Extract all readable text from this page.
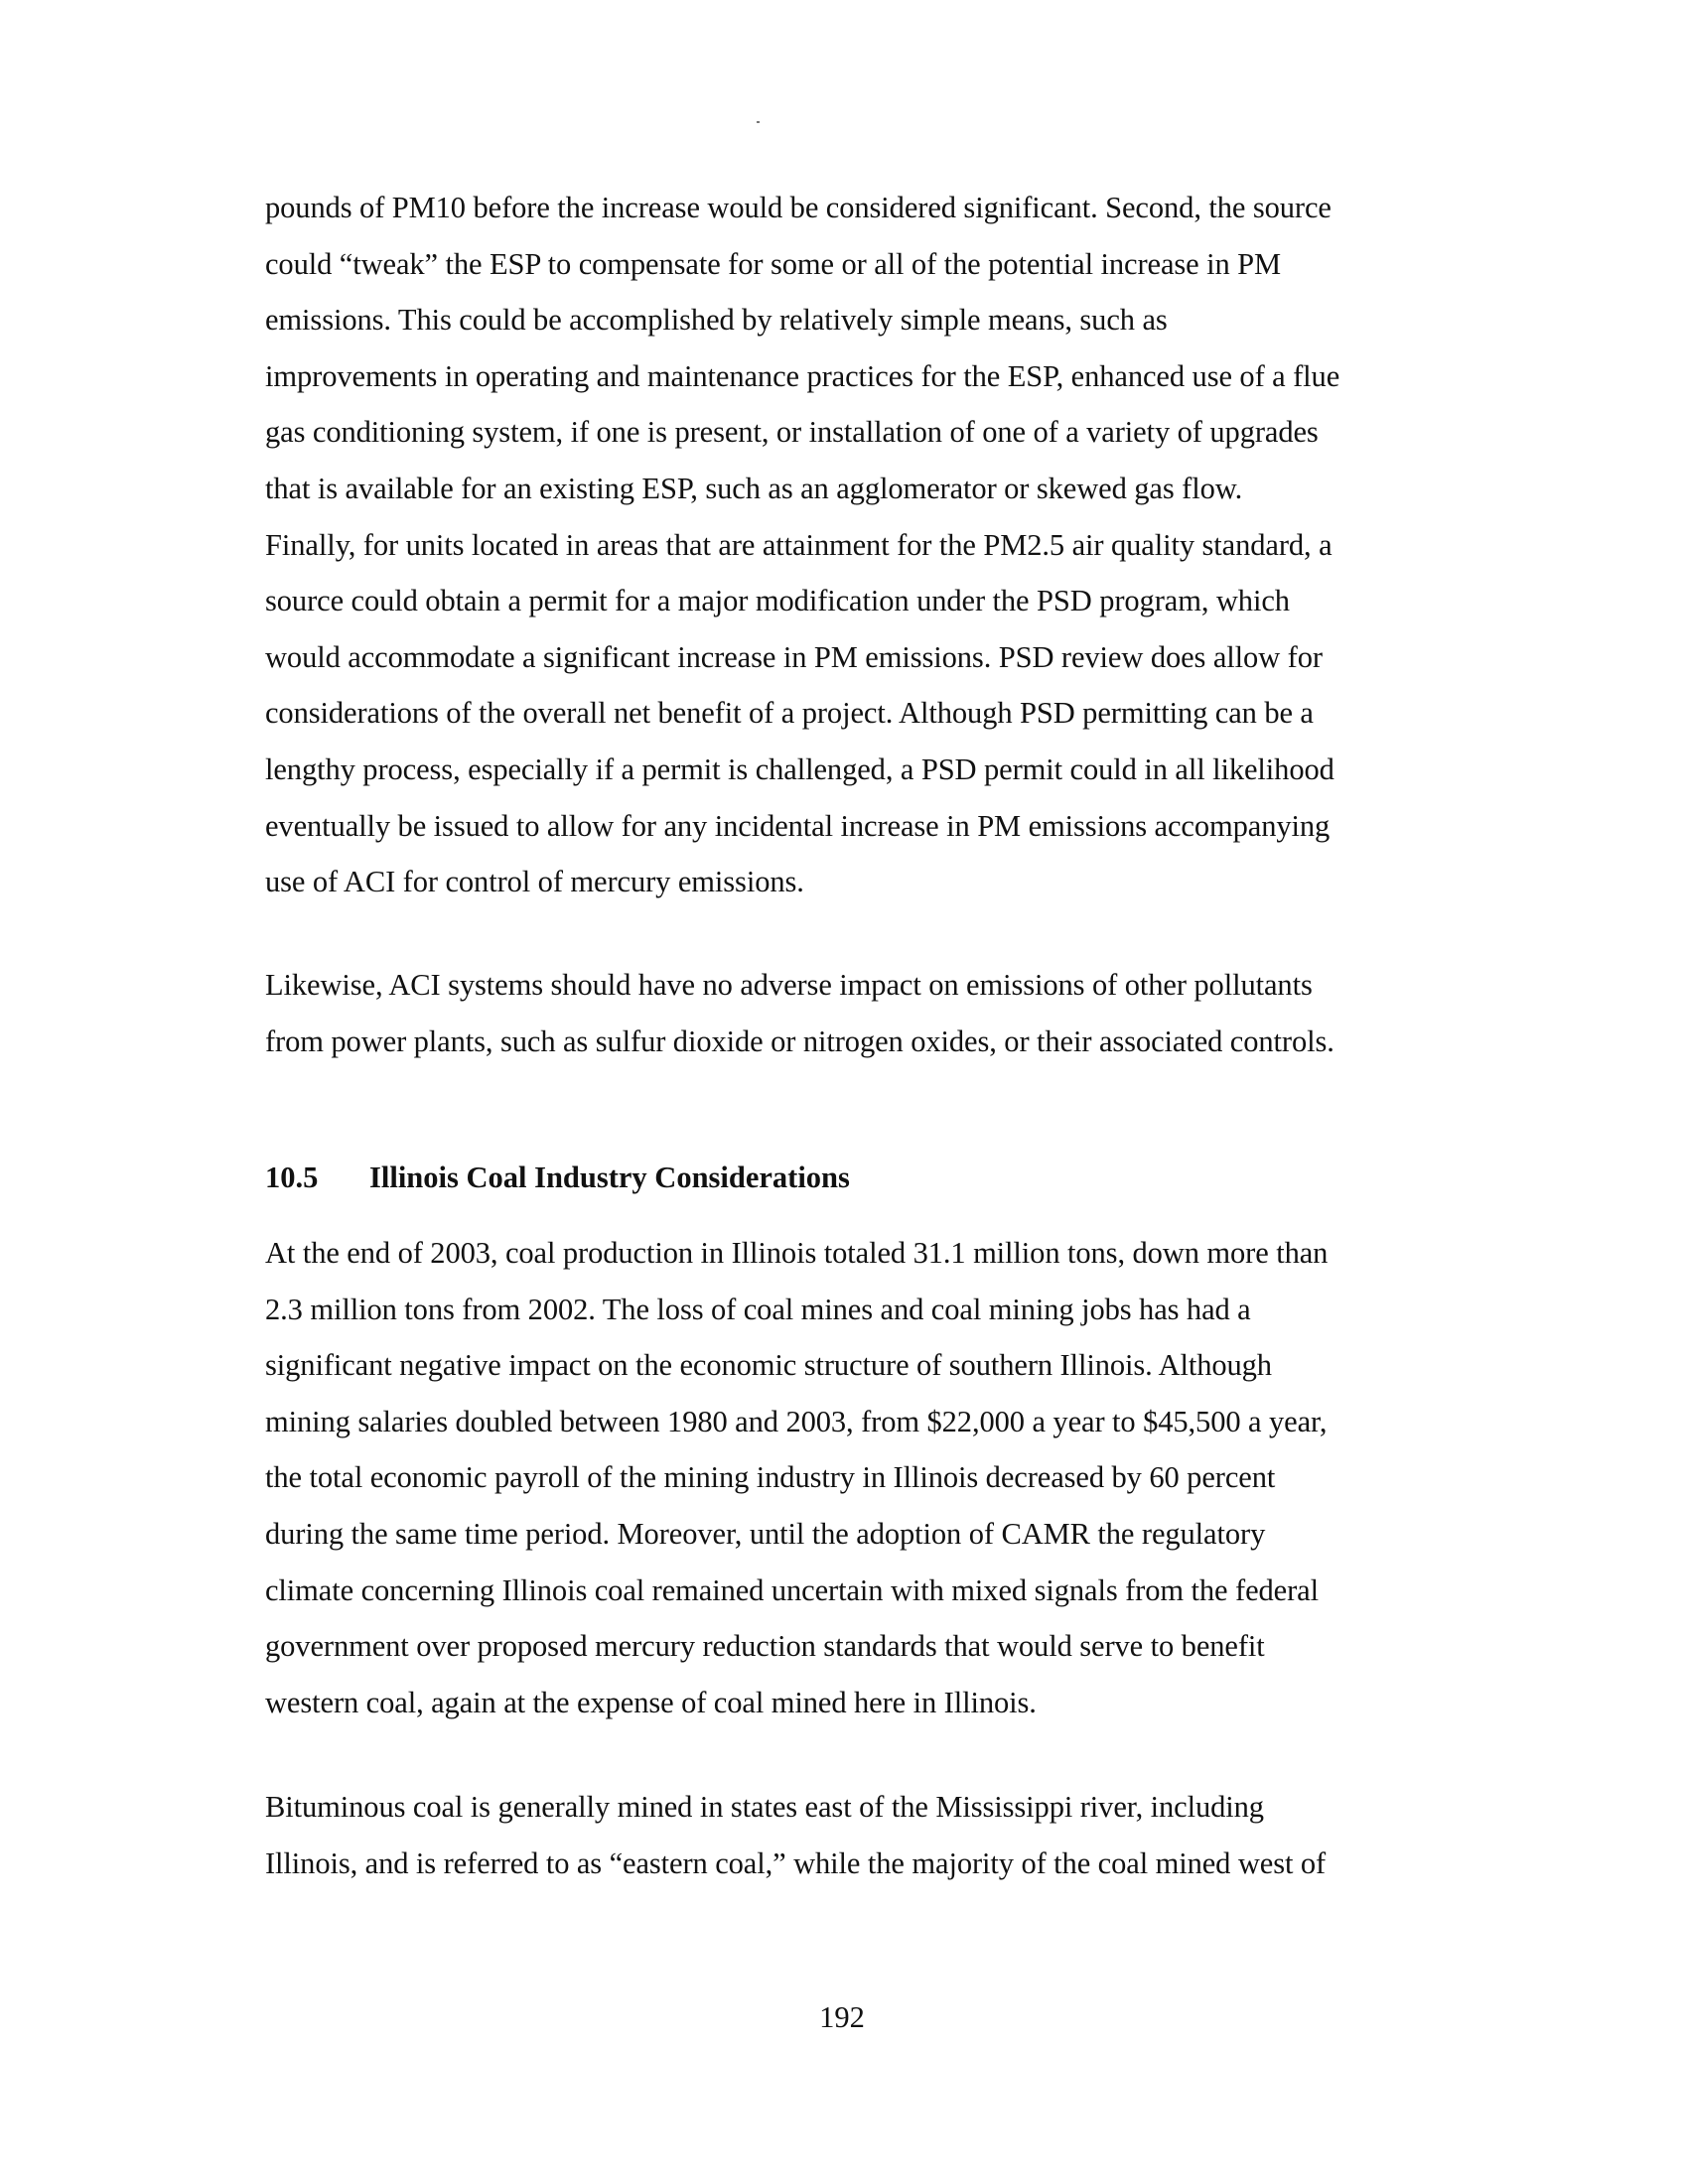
pounds of PM10 before the increase would be considered significant. Second, the source
could “tweak” the ESP to compensate for some or all of the potential increase in PM
emissions. This could be accomplished by relatively simple means, such as
improvements in operating and maintenance practices for the ESP, enhanced use of a flue
gas conditioning system, if one is present, or installation of one of a variety of upgrades
that is available for an existing ESP, such as an agglomerator or skewed gas flow.
Finally, for units located in areas that are attainment for the PM2.5 air quality standard, a
source could obtain a permit for a major modification under the PSD program, which
would accommodate a significant increase in PM emissions. PSD review does allow for
considerations of the overall net benefit of a project. Although PSD permitting can be a
lengthy process, especially if a permit is challenged, a PSD permit could in all likelihood
eventually be issued to allow for any incidental increase in PM emissions accompanying
use of ACI for control of mercury emissions.
Likewise, ACI systems should have no adverse impact on emissions of other pollutants
from power plants, such as sulfur dioxide or nitrogen oxides, or their associated controls.
10.5 Illinois Coal Industry Considerations
At the end of 2003, coal production in Illinois totaled 31.1 million tons, down more than
2.3 million tons from 2002. The loss of coal mines and coal mining jobs has had a
significant negative impact on the economic structure of southern Illinois. Although
mining salaries doubled between 1980 and 2003, from $22,000 a year to $45,500 a year,
the total economic payroll of the mining industry in Illinois decreased by 60 percent
during the same time period. Moreover, until the adoption of CAMR the regulatory
climate concerning Illinois coal remained uncertain with mixed signals from the federal
government over proposed mercury reduction standards that would serve to benefit
western coal, again at the expense of coal mined here in Illinois.
Bituminous coal is generally mined in states east of the Mississippi river, including
Illinois, and is referred to as “eastern coal,” while the majority of the coal mined west of
192
